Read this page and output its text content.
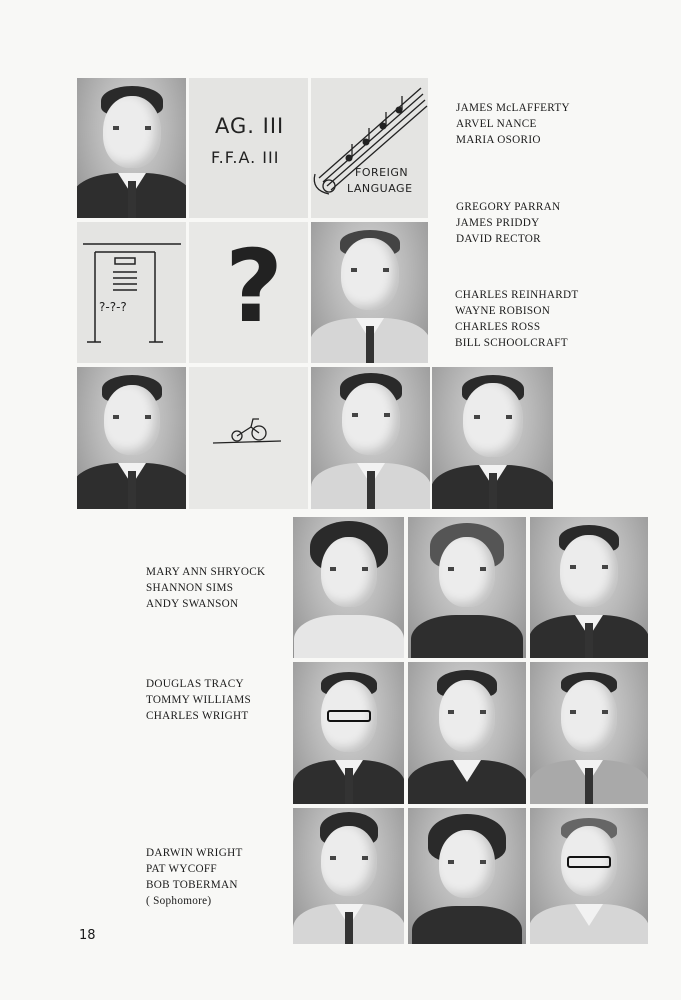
AG. III
F.F.A. III
FOREIGN
LANGUAGE
?-?-? ?
JAMES McLAFFERTY
ARVEL NANCE
MARIA OSORIO
GREGORY PARRAN
JAMES PRIDDY
DAVID RECTOR
CHARLES REINHARDT
WAYNE ROBISON
CHARLES ROSS
BILL SCHOOLCRAFT
MARY ANN SHRYOCK
SHANNON SIMS
ANDY SWANSON
DOUGLAS TRACY
TOMMY WILLIAMS
CHARLES WRIGHT
DARWIN WRIGHT
PAT WYCOFF
BOB TOBERMAN
( Sophomore)
18
